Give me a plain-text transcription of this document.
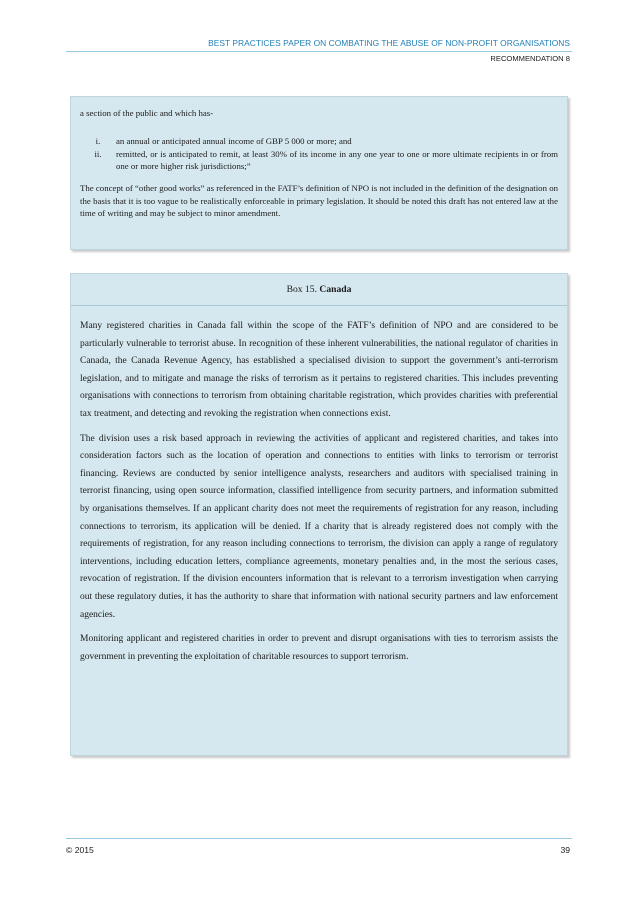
BEST PRACTICES PAPER ON COMBATING THE ABUSE OF NON-PROFIT ORGANISATIONS
RECOMMENDATION 8

a section of the public and which has-

i.	an annual or anticipated annual income of GBP 5 000 or more; and
ii.	remitted, or is anticipated to remit, at least 30% of its income in any one year to one or more ultimate recipients in or from one or more higher risk jurisdictions;”

The concept of “other good works” as referenced in the FATF’s definition of NPO is not included in the definition of the designation on the basis that it is too vague to be realistically enforceable in primary legislation. It should be noted this draft has not entered law at the time of writing and may be subject to minor amendment.

Box 15.
Canada

Many registered charities in Canada fall within the scope of the FATF’s definition of NPO and are considered to be particularly vulnerable to terrorist abuse. In recognition of these inherent vulnerabilities, the national regulator of charities in Canada, the Canada Revenue Agency, has established a specialised division to support the government’s anti-terrorism legislation, and to mitigate and manage the risks of terrorism as it pertains to registered charities. This includes preventing organisations with connections to terrorism from obtaining charitable registration, which provides charities with preferential tax treatment, and detecting and revoking the registration when connections exist.

The division uses a risk based approach in reviewing the activities of applicant and registered charities, and takes into consideration factors such as the location of operation and connections to entities with links to terrorism or terrorist financing. Reviews are conducted by senior intelligence analysts, researchers and auditors with specialised training in terrorist financing, using open source information, classified intelligence from security partners, and information submitted by organisations themselves. If an applicant charity does not meet the requirements of registration for any reason, including connections to terrorism, its application will be denied. If a charity that is already registered does not comply with the requirements of registration, for any reason including connections to terrorism, the division can apply a range of regulatory interventions, including education letters, compliance agreements, monetary penalties and, in the most the serious cases, revocation of registration. If the division encounters information that is relevant to a terrorism investigation when carrying out these regulatory duties, it has the authority to share that information with national security partners and law enforcement agencies.

Monitoring applicant and registered charities in order to prevent and disrupt organisations with ties to terrorism assists the government in preventing the exploitation of charitable resources to support terrorism.

© 2015	39
